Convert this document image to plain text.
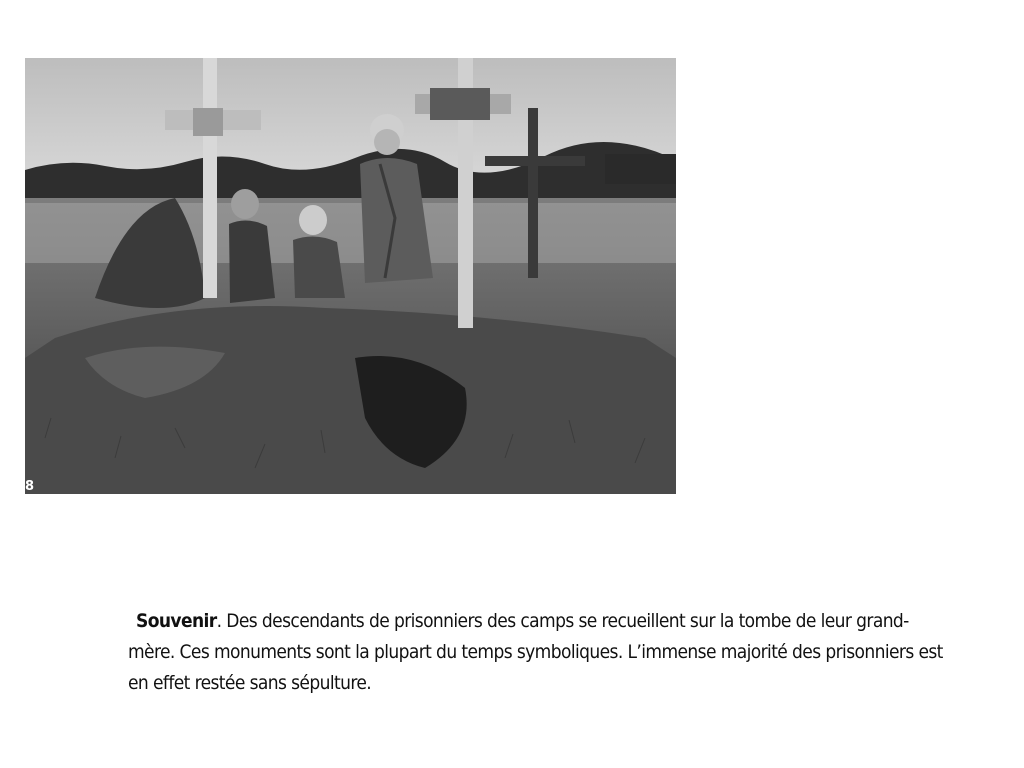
8

Souvenir. Des descendants de prisonniers des camps se recueillent sur la tombe de leur grand-mère. Ces monuments sont la plupart du temps symboliques. L’immense majorité des prisonniers est en effet restée sans sépulture.
